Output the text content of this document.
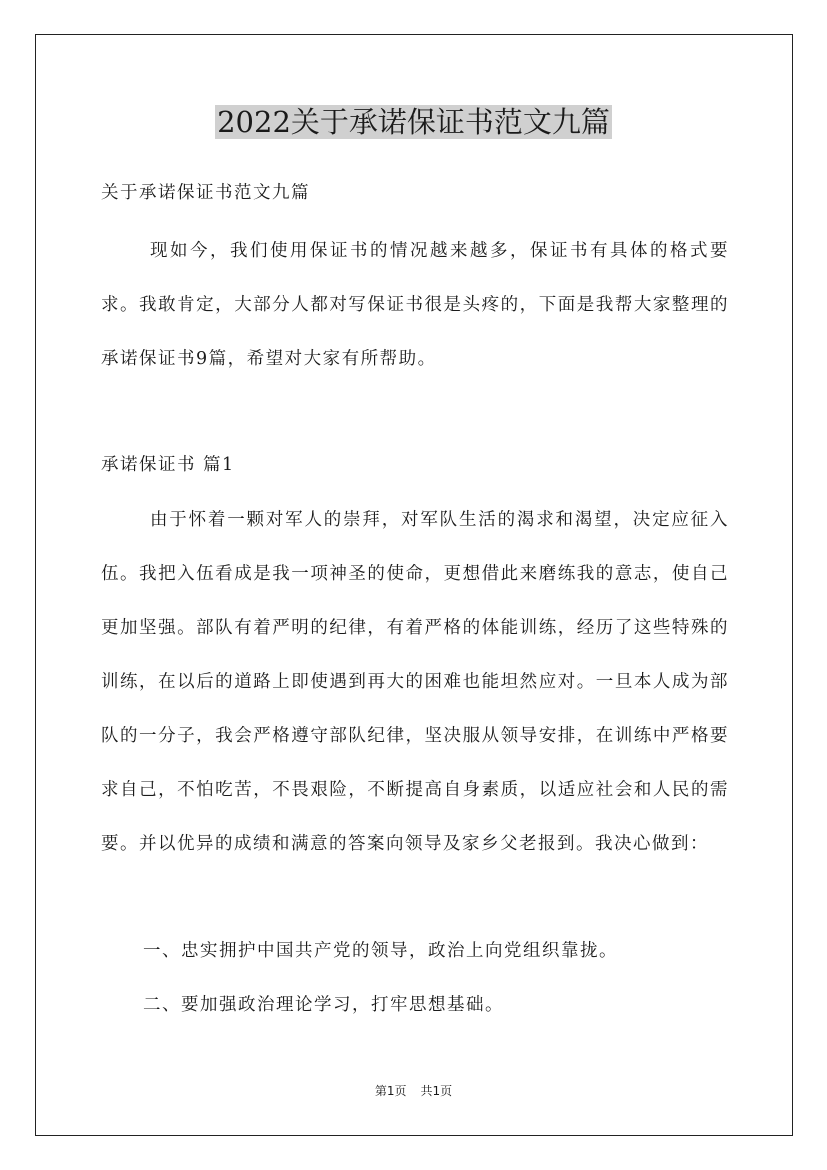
2022关于承诺保证书范文九篇
关于承诺保证书范文九篇
现如今，我们使用保证书的情况越来越多，保证书有具体的格式要求。我敢肯定，大部分人都对写保证书很是头疼的，下面是我帮大家整理的承诺保证书9篇，希望对大家有所帮助。
承诺保证书 篇1
由于怀着一颗对军人的崇拜，对军队生活的渴求和渴望，决定应征入伍。我把入伍看成是我一项神圣的使命，更想借此来磨练我的意志，使自己更加坚强。部队有着严明的纪律，有着严格的体能训练，经历了这些特殊的训练，在以后的道路上即使遇到再大的困难也能坦然应对。一旦本人成为部队的一分子，我会严格遵守部队纪律，坚决服从领导安排，在训练中严格要求自己，不怕吃苦，不畏艰险，不断提高自身素质，以适应社会和人民的需要。并以优异的成绩和满意的答案向领导及家乡父老报到。我决心做到：
一、忠实拥护中国共产党的领导，政治上向党组织靠拢。
二、要加强政治理论学习，打牢思想基础。
第1页 共1页
